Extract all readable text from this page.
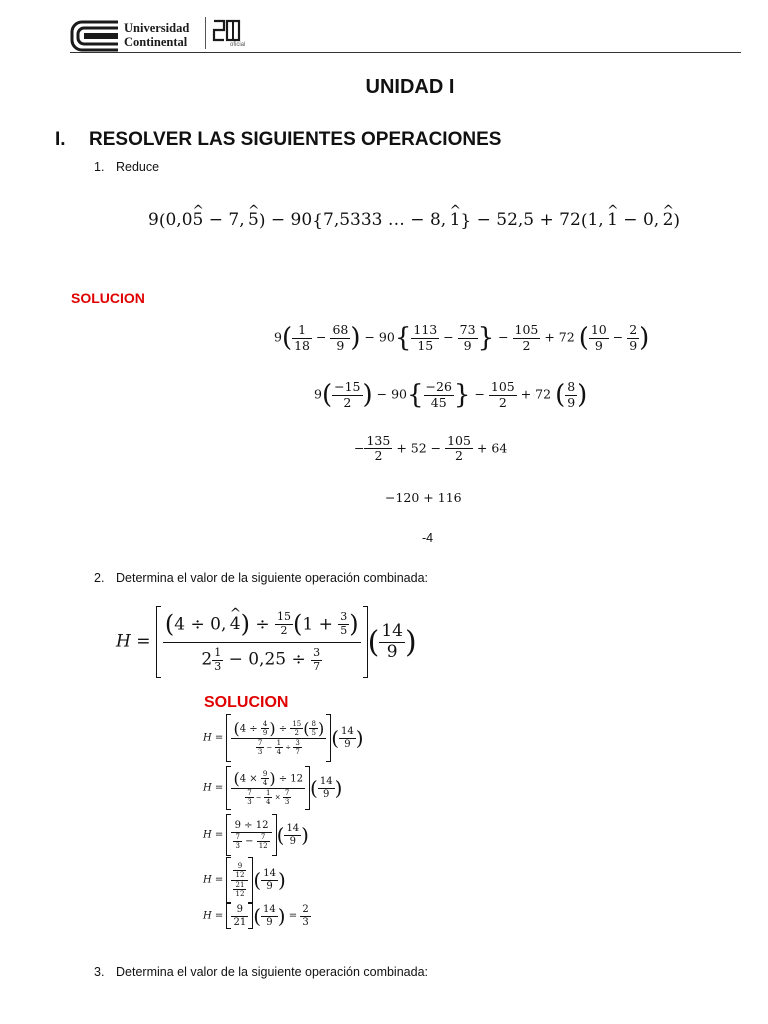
Universidad
Continental	oficial
UNIDAD I
I. RESOLVER LAS SIGUIENTES OPERACIONES
1. Reduce
9(0,0^ 5 − 7, ^ 5) − 90{7,5333 … − 8, ^ 1} − 52,5 + 72(1, ^ 1 − 0, ^ 2)
SOLUCION
$9( \frac{1}{18} - \frac{68}{9}$ ) − $90\{ \frac{113}{15} - \frac{73}{9}$ } − $\frac{105}{2} + 72$ ( $\frac{10}{9} - \frac{2}{9}$ )
$9( \frac{-15}{2}$ ) − $90\{ \frac{-26}{45}$ } − $\frac{105}{2} + 72$ ( $\frac{8}{9}$ )
− $\frac{135}{2} + 52 - \frac{105}{2} + 64$
−120 + 116
-4
2. Determina el valor de la siguiente operación combinada:
$H = \frac{(4 \div 0, \^{} 4) \div \frac{15}{2} (1 + \frac{3}{5} )}{2 \frac{1}{3} - 0,25 \div \frac{3}{7}}$ ( $\frac{14}{9}$ )
SOLUCION
$H = \frac{(4 \div \frac{4}{9} ) \div \frac{15}{2} ( \frac{8}{5} )}{\frac{7}{3} - \frac{1}{4} \div \frac{3}{7}}$ ( $\frac{14}{9}$ )
$H = \frac{(4 \times \frac{9}{4} ) \div 12}{\frac{7}{3} - \frac{1}{4} \times \frac{7}{3}}$ ( $\frac{14}{9}$ )
$H = \frac{9 \div 12}{\frac{7}{3} - \frac{7}{12}}$ ( $\frac{14}{9}$ )
$H = \frac{\frac{9}{12}}{\frac{21}{12}}$ ( $\frac{14}{9}$ )
$H = \frac{9}{21}$ ( $\frac{14}{9}$ ) = $\frac{2}{3}$
3. Determina el valor de la siguiente operación combinada:
